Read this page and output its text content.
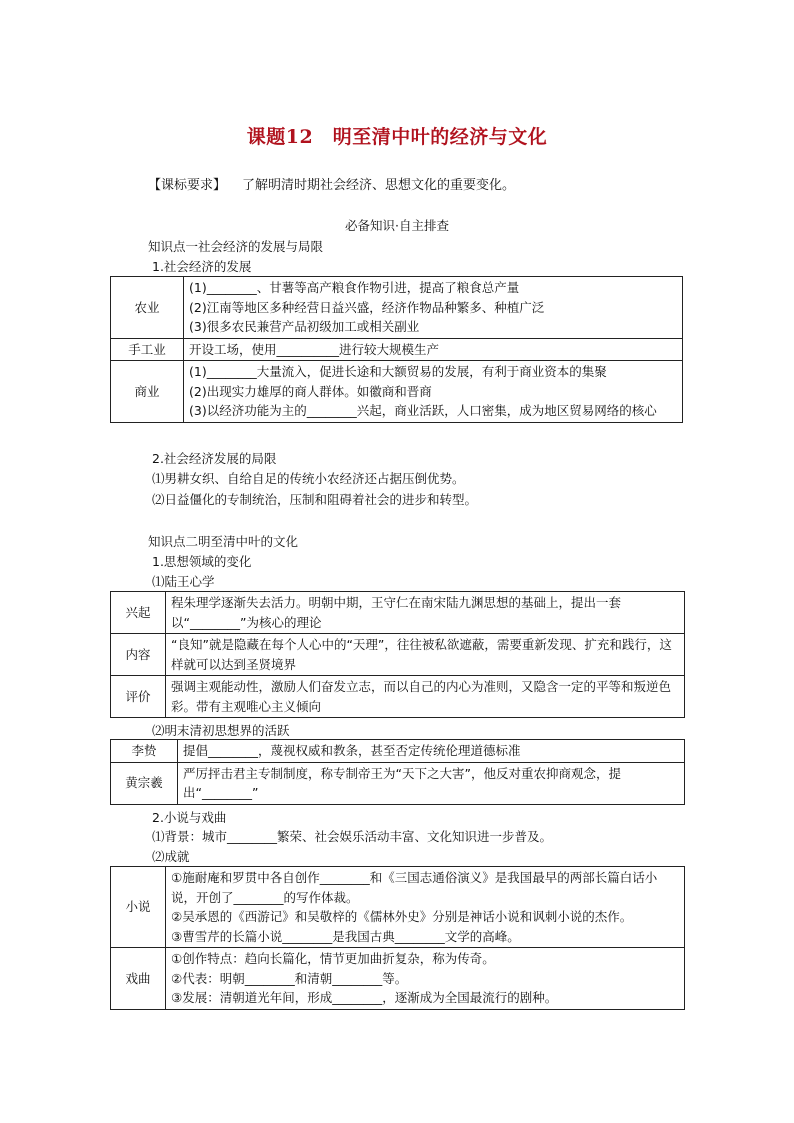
课题12　明至清中叶的经济与文化
【课标要求】 了解明清时期社会经济、思想文化的重要变化。
必备知识·自主排查
知识点一社会经济的发展与局限
1.社会经济的发展
农业	(1)________、甘薯等高产粮食作物引进，提高了粮食总产量
(2)江南等地区多种经营日益兴盛，经济作物品种繁多、种植广泛
(3)很多农民兼营产品初级加工或相关副业

手工业	开设工场，使用__________进行较大规模生产

商业	(1)________大量流入，促进长途和大额贸易的发展，有利于商业资本的集聚
(2)出现实力雄厚的商人群体。如徽商和晋商
(3)以经济功能为主的________兴起，商业活跃，人口密集，成为地区贸易网络的核心
2.社会经济发展的局限
⑴男耕女织、自给自足的传统小农经济还占据压倒优势。
⑵日益僵化的专制统治，压制和阻碍着社会的进步和转型。
知识点二明至清中叶的文化
1.思想领域的变化
⑴陆王心学
兴起	程朱理学逐渐失去活力。明朝中期，王守仁在南宋陆九渊思想的基础上，提出一套以“________”为核心的理论
内容	“良知”就是隐藏在每个人心中的“天理”，往往被私欲遮蔽，需要重新发现、扩充和践行，这样就可以达到圣贤境界
评价	强调主观能动性，激励人们奋发立志，而以自己的内心为准则，又隐含一定的平等和叛逆色彩。带有主观唯心主义倾向
⑵明末清初思想界的活跃
李贽	提倡________，蔑视权威和教条，甚至否定传统伦理道德标准
黄宗羲	严厉抨击君主专制制度，称专制帝王为“天下之大害”，他反对重农抑商观念，提出“________”
2.小说与戏曲
⑴背景：城市________繁荣、社会娱乐活动丰富、文化知识进一步普及。
⑵成就
小说	①施耐庵和罗贯中各自创作________和《三国志通俗演义》是我国最早的两部长篇白话小说，开创了________的写作体裁。
②吴承恩的《西游记》和吴敬梓的《儒林外史》分别是神话小说和讽刺小说的杰作。
③曹雪芹的长篇小说________是我国古典________文学的高峰。

戏曲	①创作特点：趋向长篇化，情节更加曲折复杂，称为传奇。
②代表：明朝________和清朝________等。
③发展：清朝道光年间，形成________，逐渐成为全国最流行的剧种。
